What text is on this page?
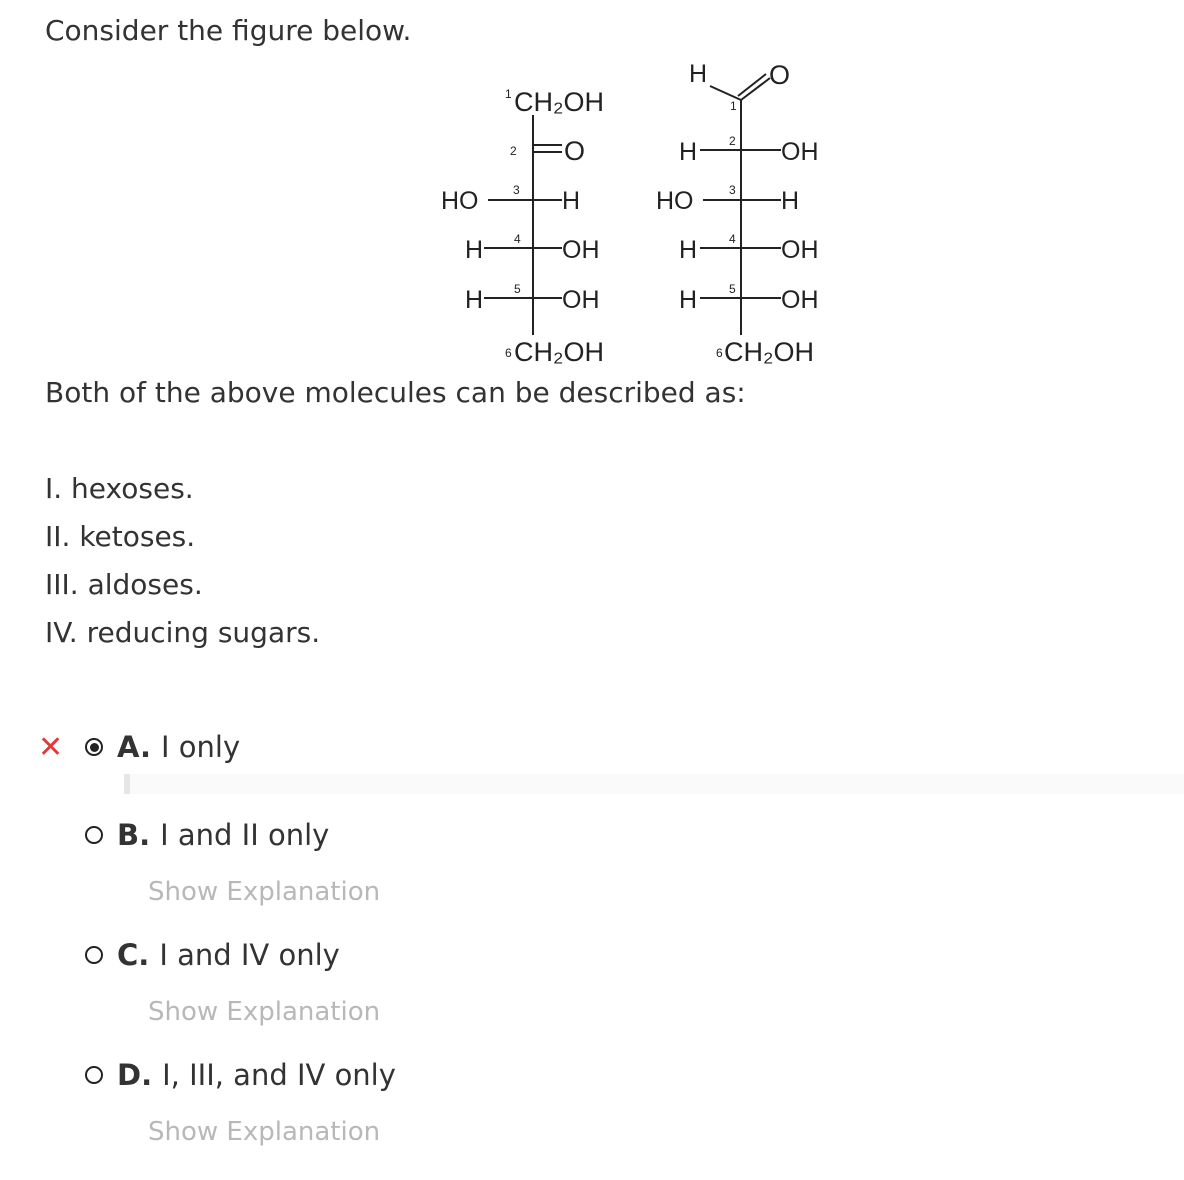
Consider the figure below.
1 CH₂OH
2 O
HO	3 H
H	4 OH
H	5 OH
6 CH₂OH
H O
1
H	2 OH
HO	3 H
H	4 OH
H	5 OH
6 CH₂OH
Both of the above molecules can be described as:
I. hexoses.
II. ketoses.
III. aldoses.
IV. reducing sugars.
✕ A. I only
B. I and II only
Show Explanation
C. I and IV only
Show Explanation
D. I, III, and IV only
Show Explanation
